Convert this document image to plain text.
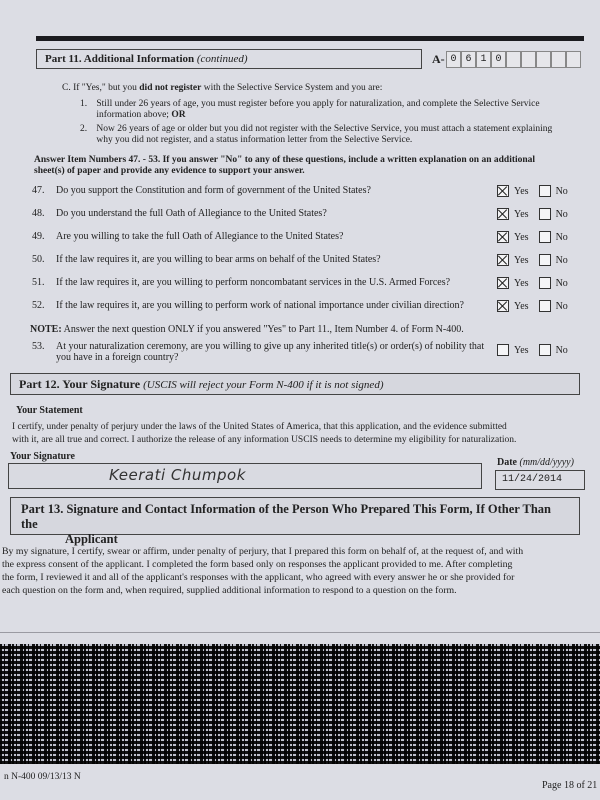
Part 11. Additional Information (continued)	A- 0 6 1 0
C. If "Yes," but you did not register with the Selective Service System and you are:
1. Still under 26 years of age, you must register before you apply for naturalization, and complete the Selective Service
information above; OR
2. Now 26 years of age or older but you did not register with the Selective Service, you must attach a statement explaining
why you did not register, and a status information letter from the Selective Service.
Answer Item Numbers 47. - 53. If you answer "No" to any of these questions, include a written explanation on an additional
sheet(s) of paper and provide any evidence to support your answer.
47.	Do you support the Constitution and form of government of the United States?	Yes	No
48.	Do you understand the full Oath of Allegiance to the United States?	Yes	No
49.	Are you willing to take the full Oath of Allegiance to the United States?	Yes	No
50.	If the law requires it, are you willing to bear arms on behalf of the United States?	Yes	No
51.	If the law requires it, are you willing to perform noncombatant services in the U.S. Armed Forces?	Yes	No
52.	If the law requires it, are you willing to perform work of national importance under civilian direction?	Yes	No
NOTE: Answer the next question ONLY if you answered "Yes" to Part 11., Item Number 4. of Form N-400.
53.	At your naturalization ceremony, are you willing to give up any inherited title(s) or order(s) of nobility that
you have in a foreign country?
Yes	No
Part 12. Your Signature (USCIS will reject your Form N-400 if it is not signed)
Your Statement
I certify, under penalty of perjury under the laws of the United States of America, that this application, and the evidence submitted
with it, are all true and correct. I authorize the release of any information USCIS needs to determine my eligibility for naturalization.
Your Signature
Keerati Chumpok
Date (mm/dd/yyyy)
11/24/2014
Part 13. Signature and Contact Information of the Person Who Prepared This Form, If Other Than the
Applicant
By my signature, I certify, swear or affirm, under penalty of perjury, that I prepared this form on behalf of, at the request of, and with
the express consent of the applicant. I completed the form based only on responses the applicant provided to me. After completing
the form, I reviewed it and all of the applicant's responses with the applicant, who agreed with every answer he or she provided for
each question on the form and, when required, supplied additional information to respond to a question on the form.
n N-400 09/13/13 N
Page 18 of 21
